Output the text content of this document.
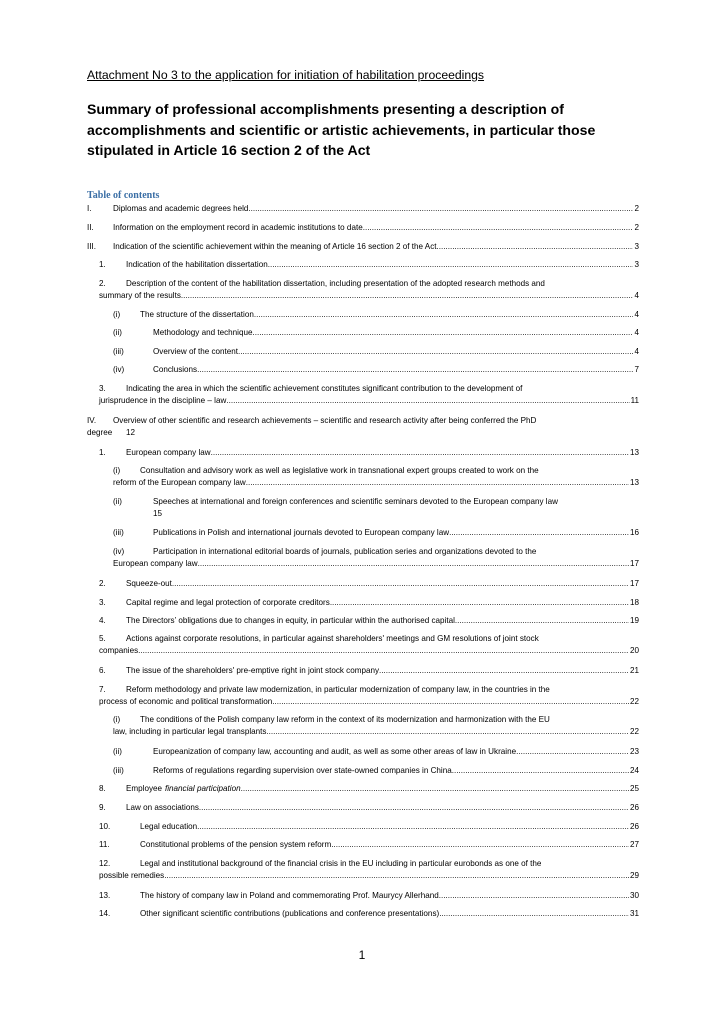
Attachment No 3 to the application for initiation of habilitation proceedings
Summary of professional accomplishments presenting a description of accomplishments and scientific or artistic achievements, in particular those stipulated in Article 16 section 2 of the Act
Table of contents
I.	Diplomas and academic degrees held .....	2
II.	Information on the employment record in academic institutions to date .....	2
III.	Indication of the scientific achievement within the meaning of Article 16 section 2 of the Act .....	3
1.	Indication of the habilitation dissertation .....	3
2.	Description of the content of the habilitation dissertation, including presentation of the adopted research methods and
summary of the results .....	4
(i)	The structure of the dissertation .....	4
(ii)	Methodology and technique .....	4
(iii)	Overview of the content .....	4
(iv)	Conclusions .....	7
3.	Indicating the area in which the scientific achievement constitutes significant contribution to the development of
jurisprudence in the discipline – law .....	11
IV.	Overview of other scientific and research achievements – scientific and research activity after being conferred the PhD
degree	12
1.	European company law .....	13
(i)	Consultation and advisory work as well as legislative work in transnational expert groups created to work on the
reform of the European company law .....	13
(ii)	Speeches at international and foreign conferences and scientific seminars devoted to the European company law
15
(iii)	Publications in Polish and international journals devoted to European company law .....	16
(iv)	Participation in international editorial boards of journals, publication series and organizations devoted to the
European company law .....	17
2.	Squeeze-out .....	17
3.	Capital regime and legal protection of corporate creditors .....	18
4.	The Directors’ obligations due to changes in equity, in particular within the authorised capital. .....	19
5.	Actions against corporate resolutions, in particular against shareholders' meetings and GM resolutions of joint stock
companies. .....	20
6.	The issue of the shareholders' pre-emptive right in joint stock company .....	21
7.	Reform methodology and private law modernization, in particular modernization of company law, in the countries in the
process of economic and political transformation. .....	22
(i)	The conditions of the Polish company law reform in the context of its modernization and harmonization with the EU
law, including in particular legal transplants .....	22
(ii)	Europeanization of company law, accounting and audit, as well as some other areas of law in Ukraine .....	23
(iii)	Reforms of regulations regarding supervision over state-owned companies in China .....	24
8.	Employee financial participation .....	25
9.	Law on associations .....	26
10.	Legal education .....	26
11.	Constitutional problems of the pension system reform .....	27
12.	Legal and institutional background of the financial crisis in the EU including in particular eurobonds as one of the
possible remedies .....	29
13.	The history of company law in Poland and commemorating Prof. Maurycy Allerhand. .....	30
14.	Other significant scientific contributions (publications and conference presentations) .....	31
1
